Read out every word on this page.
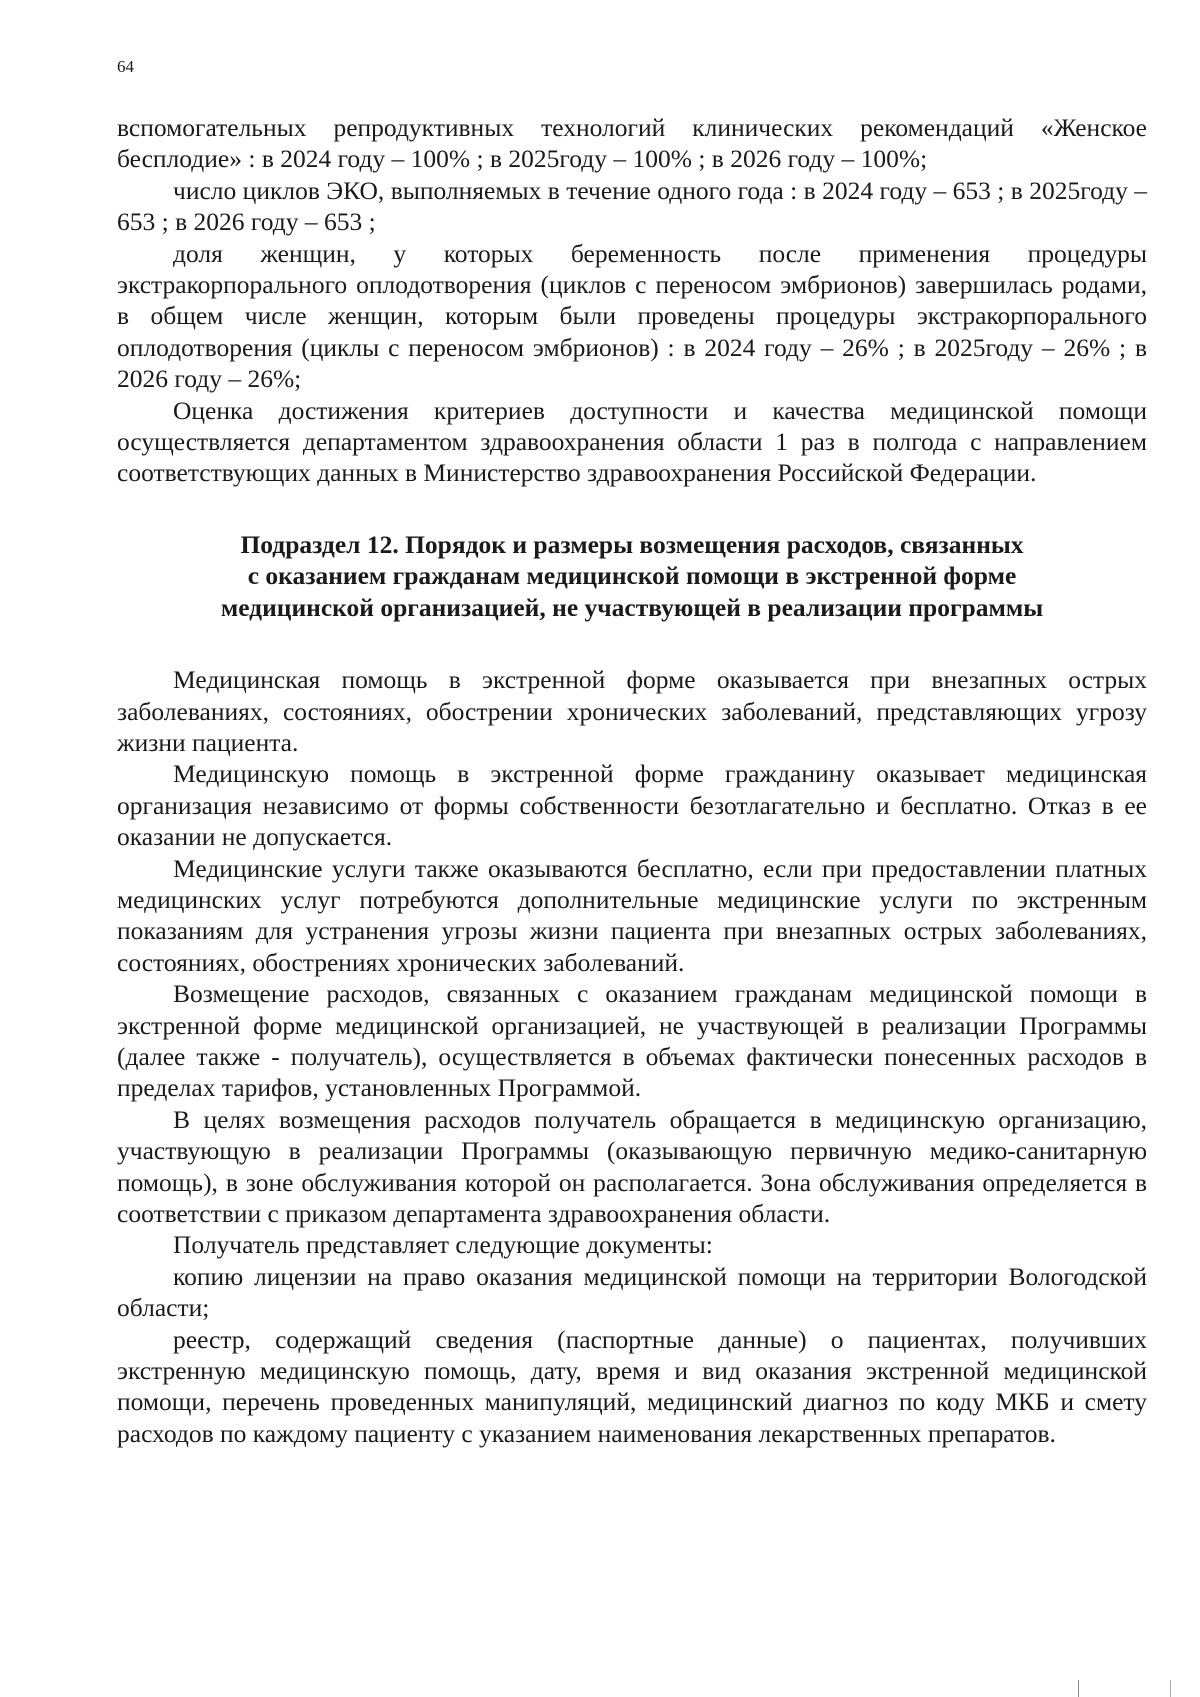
64

вспомогательных репродуктивных технологий клинических рекомендаций «Женское бесплодие» : в 2024 году – 100% ; в 2025году – 100% ; в 2026 году – 100%;

число циклов ЭКО, выполняемых в течение одного года : в 2024 году – 653 ; в 2025году – 653 ; в 2026 году – 653 ;

доля женщин, у которых беременность после применения процедуры экстракорпорального оплодотворения (циклов с переносом эмбрионов) завершилась родами, в общем числе женщин, которым были проведены процедуры экстракорпорального оплодотворения (циклы с переносом эмбрионов) : в 2024 году – 26% ; в 2025году – 26% ; в 2026 году – 26%;

Оценка достижения критериев доступности и качества медицинской помощи осуществляется департаментом здравоохранения области 1 раз в полгода с направлением соответствующих данных в Министерство здравоохранения Российской Федерации.

Подраздел 12. Порядок и размеры возмещения расходов, связанных
с оказанием гражданам медицинской помощи в экстренной форме
медицинской организацией, не участвующей в реализации программы

Медицинская помощь в экстренной форме оказывается при внезапных острых заболеваниях, состояниях, обострении хронических заболеваний, представляющих угрозу жизни пациента.

Медицинскую помощь в экстренной форме гражданину оказывает медицинская организация независимо от формы собственности безотлагательно и бесплатно. Отказ в ее оказании не допускается.

Медицинские услуги также оказываются бесплатно, если при предоставлении платных медицинских услуг потребуются дополнительные медицинские услуги по экстренным показаниям для устранения угрозы жизни пациента при внезапных острых заболеваниях, состояниях, обострениях хронических заболеваний.

Возмещение расходов, связанных с оказанием гражданам медицинской помощи в экстренной форме медицинской организацией, не участвующей в реализации Программы (далее также - получатель), осуществляется в объемах фактически понесенных расходов в пределах тарифов, установленных Программой.

В целях возмещения расходов получатель обращается в медицинскую организацию, участвующую в реализации Программы (оказывающую первичную медико-санитарную помощь), в зоне обслуживания которой он располагается. Зона обслуживания определяется в соответствии с приказом департамента здравоохранения области.

Получатель представляет следующие документы:

копию лицензии на право оказания медицинской помощи на территории Вологодской области;

реестр, содержащий сведения (паспортные данные) о пациентах, получивших экстренную медицинскую помощь, дату, время и вид оказания экстренной медицинской помощи, перечень проведенных манипуляций, медицинский диагноз по коду МКБ и смету расходов по каждому пациенту с указанием наименования лекарственных препаратов.
